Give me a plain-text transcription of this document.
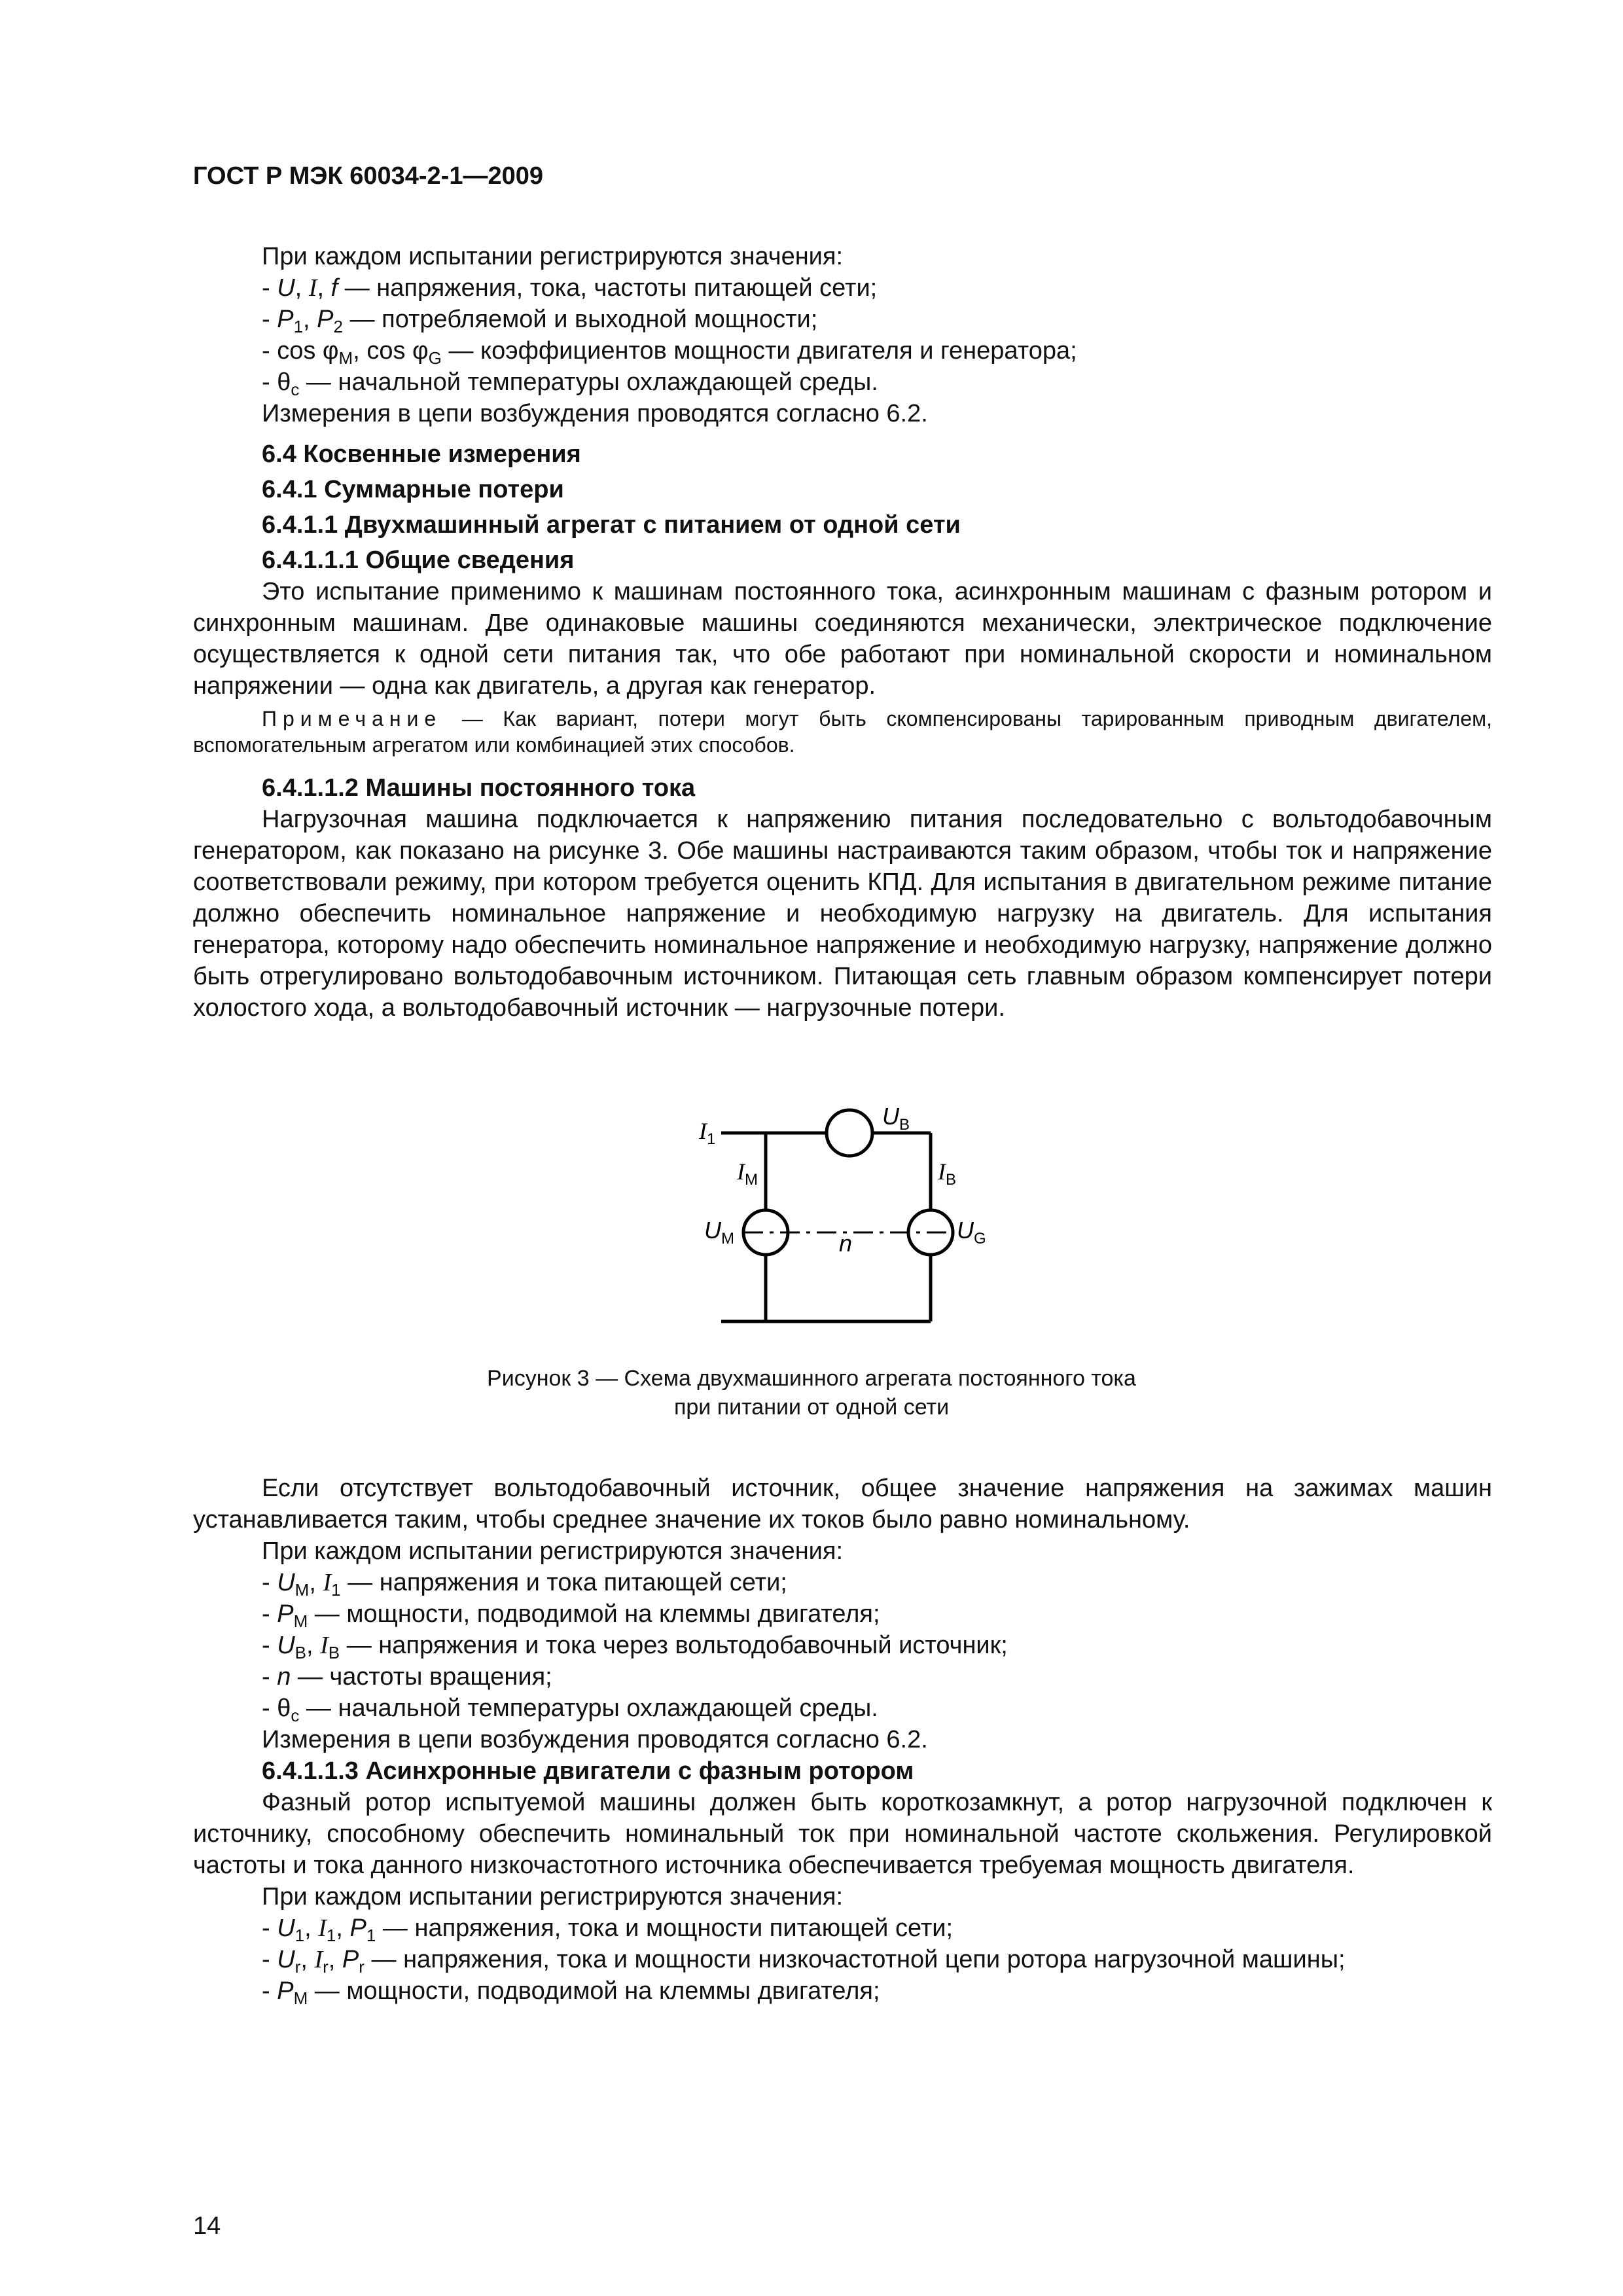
ГОСТ Р МЭК 60034-2-1—2009

При каждом испытании регистрируются значения:

- U, I, f — напряжения, тока, частоты питающей сети;

- $P_1$, $P_2$ — потребляемой и выходной мощности;

- $\cos \varphi_M$, $\cos \varphi_G$ — коэффициентов мощности двигателя и генератора;

- $\theta_c$ — начальной температуры охлаждающей среды.

Измерения в цепи возбуждения проводятся согласно 6.2.

6.4 Косвенные измерения

6.4.1 Суммарные потери

6.4.1.1 Двухмашинный агрегат с питанием от одной сети

6.4.1.1.1 Общие сведения

Это испытание применимо к машинам постоянного тока, асинхронным машинам с фазным ротором и синхронным машинам. Две одинаковые машины соединяются механически, электрическое подключение осуществляется к одной сети питания так, что обе работают при номинальной скорости и номинальном напряжении — одна как двигатель, а другая как генератор.

Примечание — Как вариант, потери могут быть скомпенсированы тарированным приводным двигателем, вспомогательным агрегатом или комбинацией этих способов.

6.4.1.1.2 Машины постоянного тока

Нагрузочная машина подключается к напряжению питания последовательно с вольтодобавочным генератором, как показано на рисунке 3. Обе машины настраиваются таким образом, чтобы ток и напряжение соответствовали режиму, при котором требуется оценить КПД. Для испытания в двигательном режиме питание должно обеспечить номинальное напряжение и необходимую нагрузку на двигатель. Для испытания генератора, которому надо обеспечить номинальное напряжение и необходимую нагрузку, напряжение должно быть отрегулировано вольтодобавочным источником. Питающая сеть главным образом компенсирует потери холостого хода, а вольтодобавочный источник — нагрузочные потери.

$I_1$
$U_B$
$I_M$	$I_B$
$U_M$	$U_G$
n
Рисунок 3 — Схема двухмашинного агрегата постоянного тока
при питании от одной сети

Если отсутствует вольтодобавочный источник, общее значение напряжения на зажимах машин устанавливается таким, чтобы среднее значение их токов было равно номинальному.

При каждом испытании регистрируются значения:

- $U_M$, $I_1$ — напряжения и тока питающей сети;

- $P_M$ — мощности, подводимой на клеммы двигателя;

- $U_B$, $I_B$ — напряжения и тока через вольтодобавочный источник;

- n — частоты вращения;

- $\theta_c$ — начальной температуры охлаждающей среды.

Измерения в цепи возбуждения проводятся согласно 6.2.

6.4.1.1.3 Асинхронные двигатели с фазным ротором

Фазный ротор испытуемой машины должен быть короткозамкнут, а ротор нагрузочной подключен к источнику, способному обеспечить номинальный ток при номинальной частоте скольжения. Регулировкой частоты и тока данного низкочастотного источника обеспечивается требуемая мощность двигателя.

При каждом испытании регистрируются значения:

- $U_1$, $I_1$, $P_1$ — напряжения, тока и мощности питающей сети;

- $U_r$, $I_r$, $P_r$ — напряжения, тока и мощности низкочастотной цепи ротора нагрузочной машины;

- $P_M$ — мощности, подводимой на клеммы двигателя;

14
